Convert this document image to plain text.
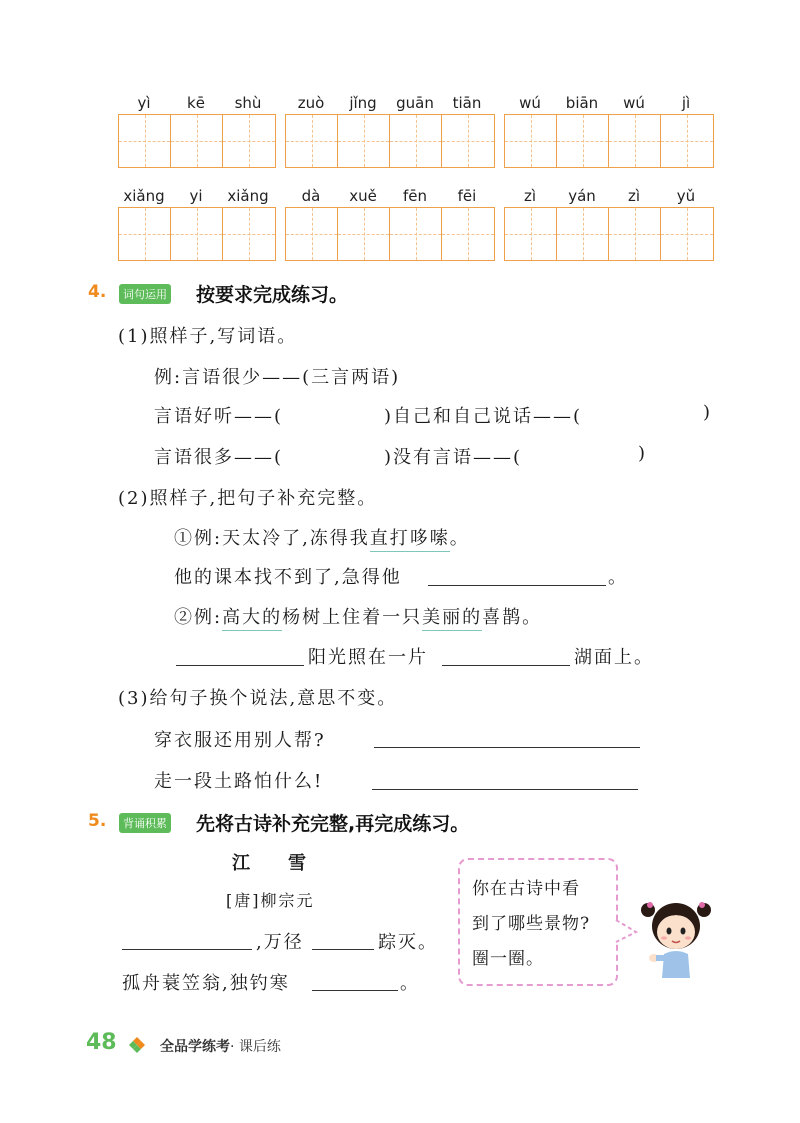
yì	kē	shù	zuò	jǐng	guān	tiān	wú	biān	wú	jì
xiǎng	yi	xiǎng	dà	xuě	fēn	fēi	zì	yán	zì	yǔ
4.	词句运用 按要求完成练习。
(1)照样子,写词语。
例:言语很少——(三言两语)
言语好听——(	)自己和自己说话——(	)
言语很多——(	)没有言语——(	)
(2)照样子,把句子补充完整。
①例:天太冷了,冻得我直打哆嗦。
他的课本找不到了,急得他	。
②例:高大的杨树上住着一只美丽的喜鹊。
阳光照在一片	湖面上。
(3)给句子换个说法,意思不变。
穿衣服还用别人帮?
走一段土路怕什么!
5.	背诵积累 先将古诗补充完整,再完成练习。
江　雪
[唐]柳宗元
,万径	踪灭。
孤舟蓑笠翁,独钓寒	。
你在古诗中看
到了哪些景物?
圈一圈。
48	全品学练考· 课后练
